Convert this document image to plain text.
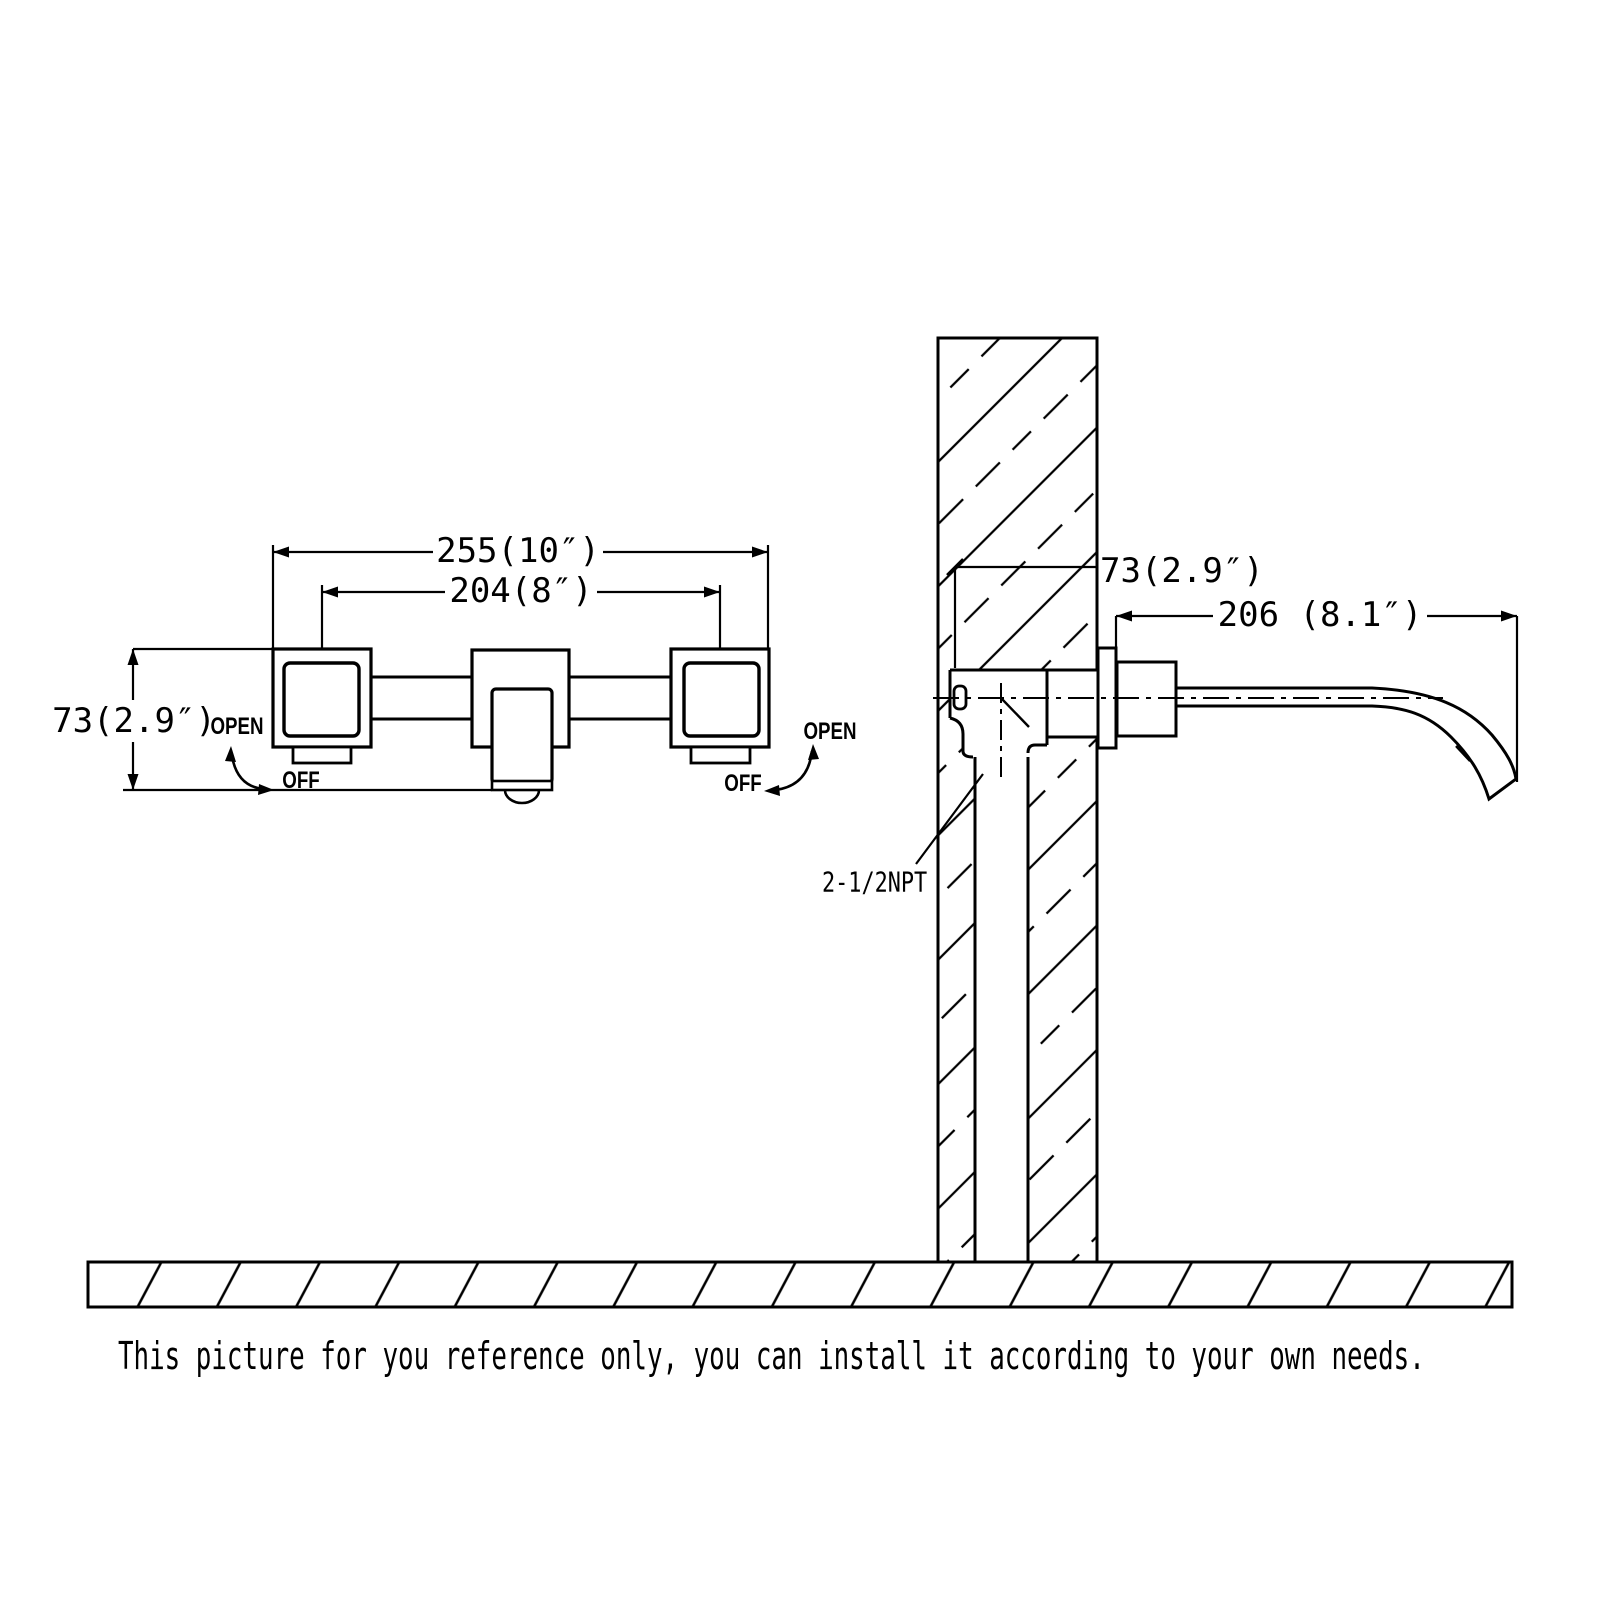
255(10″)
204(8″)
73(2.9″)
73(2.9″)
206 (8.1″)
2-1/2NPT
OPEN
OFF
OPEN
OFF
This picture for you reference only, you can install it according to your own needs.
